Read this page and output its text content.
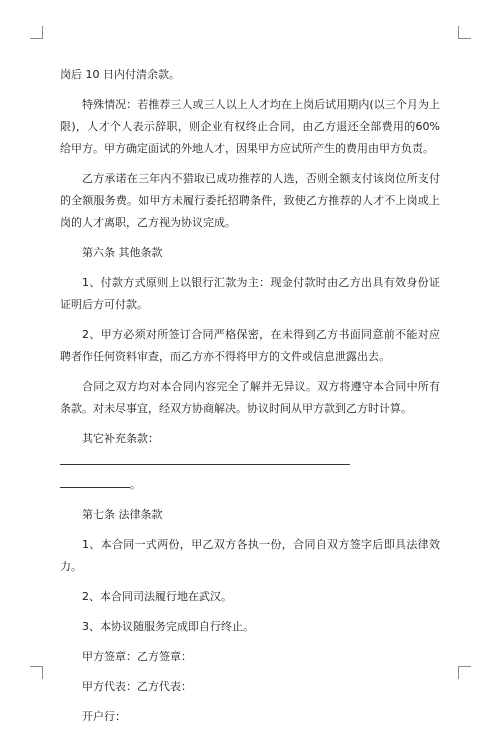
岗后 10 日内付清余款。
特殊情况：若推荐三人或三人以上人才均在上岗后试用期内(以三个月为上限)，人才个人表示辞职，则企业有权终止合同，由乙方退还全部费用的60%给甲方。甲方确定面试的外地人才，因果甲方应试所产生的费用由甲方负责。
乙方承诺在三年内不猎取已成功推荐的人选，否则全额支付该岗位所支付的全额服务费。如甲方未履行委托招聘条件，致使乙方推荐的人才不上岗或上岗的人才离职，乙方视为协议完成。
第六条 其他条款
1、付款方式原则上以银行汇款为主：现金付款时由乙方出具有效身份证证明后方可付款。
2、甲方必须对所签订合同严格保密，在未得到乙方书面同意前不能对应聘者作任何资料审查，而乙方亦不得将甲方的文件或信息泄露出去。
合同之双方均对本合同内容完全了解并无异议。双方将遵守本合同中所有条款。对未尽事宜，经双方协商解决。协议时间从甲方款到乙方时计算。
其它补充条款：
。
第七条 法律条款
1、本合同一式两份，甲乙双方各执一份，合同自双方签字后即具法律效力。
2、本合同司法履行地在武汉。
3、本协议随服务完成即自行终止。
甲方签章：乙方签章：
甲方代表：乙方代表：
开户行：
